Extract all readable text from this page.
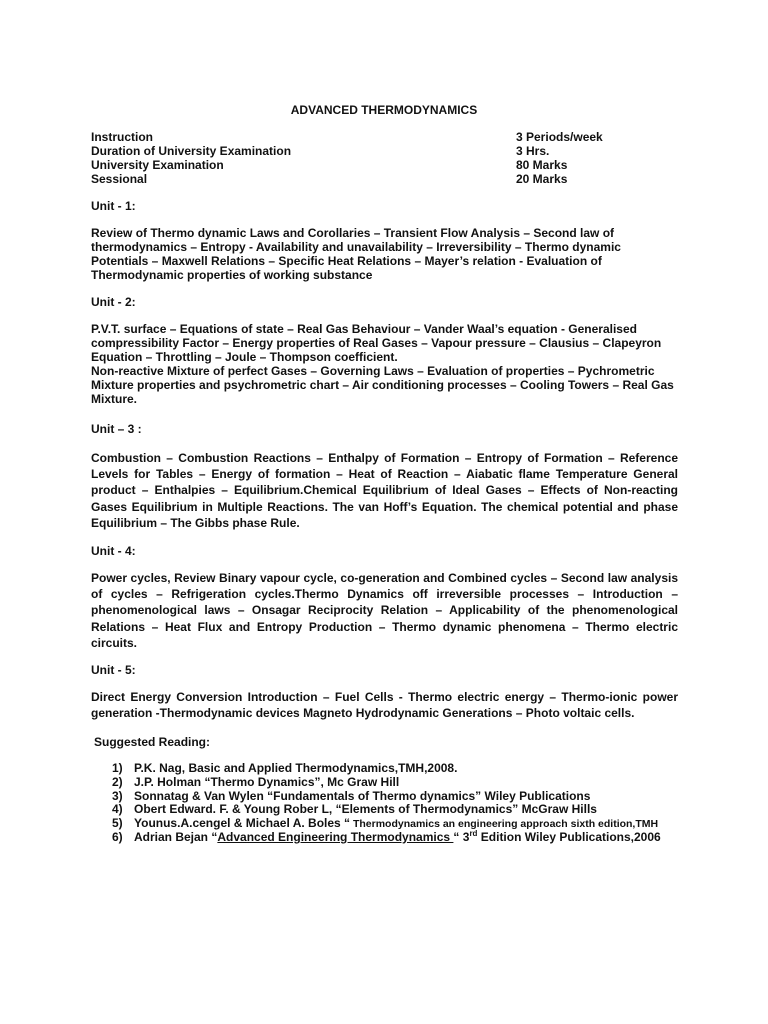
ADVANCED THERMODYNAMICS
Instruction	3 Periods/week
Duration of University Examination	3 Hrs.
University Examination	80 Marks
Sessional	20 Marks
Unit - 1:

Review of Thermo dynamic Laws and Corollaries – Transient Flow Analysis – Second law of thermodynamics – Entropy - Availability and unavailability – Irreversibility – Thermo dynamic Potentials – Maxwell Relations – Specific Heat Relations – Mayer’s relation - Evaluation of Thermodynamic properties of working substance

Unit - 2:

P.V.T. surface – Equations of state – Real Gas Behaviour – Vander Waal’s equation - Generalised compressibility Factor – Energy properties of Real Gases – Vapour pressure – Clausius – Clapeyron Equation – Throttling – Joule – Thompson coefficient.

Non-reactive Mixture of perfect Gases – Governing Laws – Evaluation of properties – Pychrometric Mixture properties and psychrometric chart – Air conditioning processes – Cooling Towers – Real Gas Mixture.

Unit – 3 :

Combustion – Combustion Reactions – Enthalpy of Formation – Entropy of Formation – Reference Levels for Tables – Energy of formation – Heat of Reaction – Aiabatic flame Temperature General product – Enthalpies – Equilibrium.Chemical Equilibrium of Ideal Gases – Effects of Non-reacting Gases Equilibrium in Multiple Reactions. The van Hoff’s Equation. The chemical potential and phase Equilibrium – The Gibbs phase Rule.

Unit - 4:

Power cycles, Review Binary vapour cycle, co-generation and Combined cycles – Second law analysis of cycles – Refrigeration cycles.Thermo Dynamics off irreversible processes – Introduction – phenomenological laws – Onsagar Reciprocity Relation – Applicability of the phenomenological Relations – Heat Flux and Entropy Production – Thermo dynamic phenomena – Thermo electric circuits.

Unit - 5:

Direct Energy Conversion Introduction – Fuel Cells - Thermo electric energy – Thermo-ionic power generation -Thermodynamic devices Magneto Hydrodynamic Generations – Photo voltaic cells.

Suggested Reading:
1) P.K. Nag, Basic and Applied Thermodynamics,TMH,2008.
2) J.P. Holman “Thermo Dynamics”, Mc Graw Hill
3) Sonnatag & Van Wylen “Fundamentals of Thermo dynamics” Wiley Publications
4) Obert Edward. F. & Young Rober L, “Elements of Thermodynamics” McGraw Hills
5) Younus.A.cengel & Michael A. Boles “ Thermodynamics an engineering approach sixth edition,TMH
6) Adrian Bejan “Advanced Engineering Thermodynamics “ 3rd Edition Wiley Publications,2006
